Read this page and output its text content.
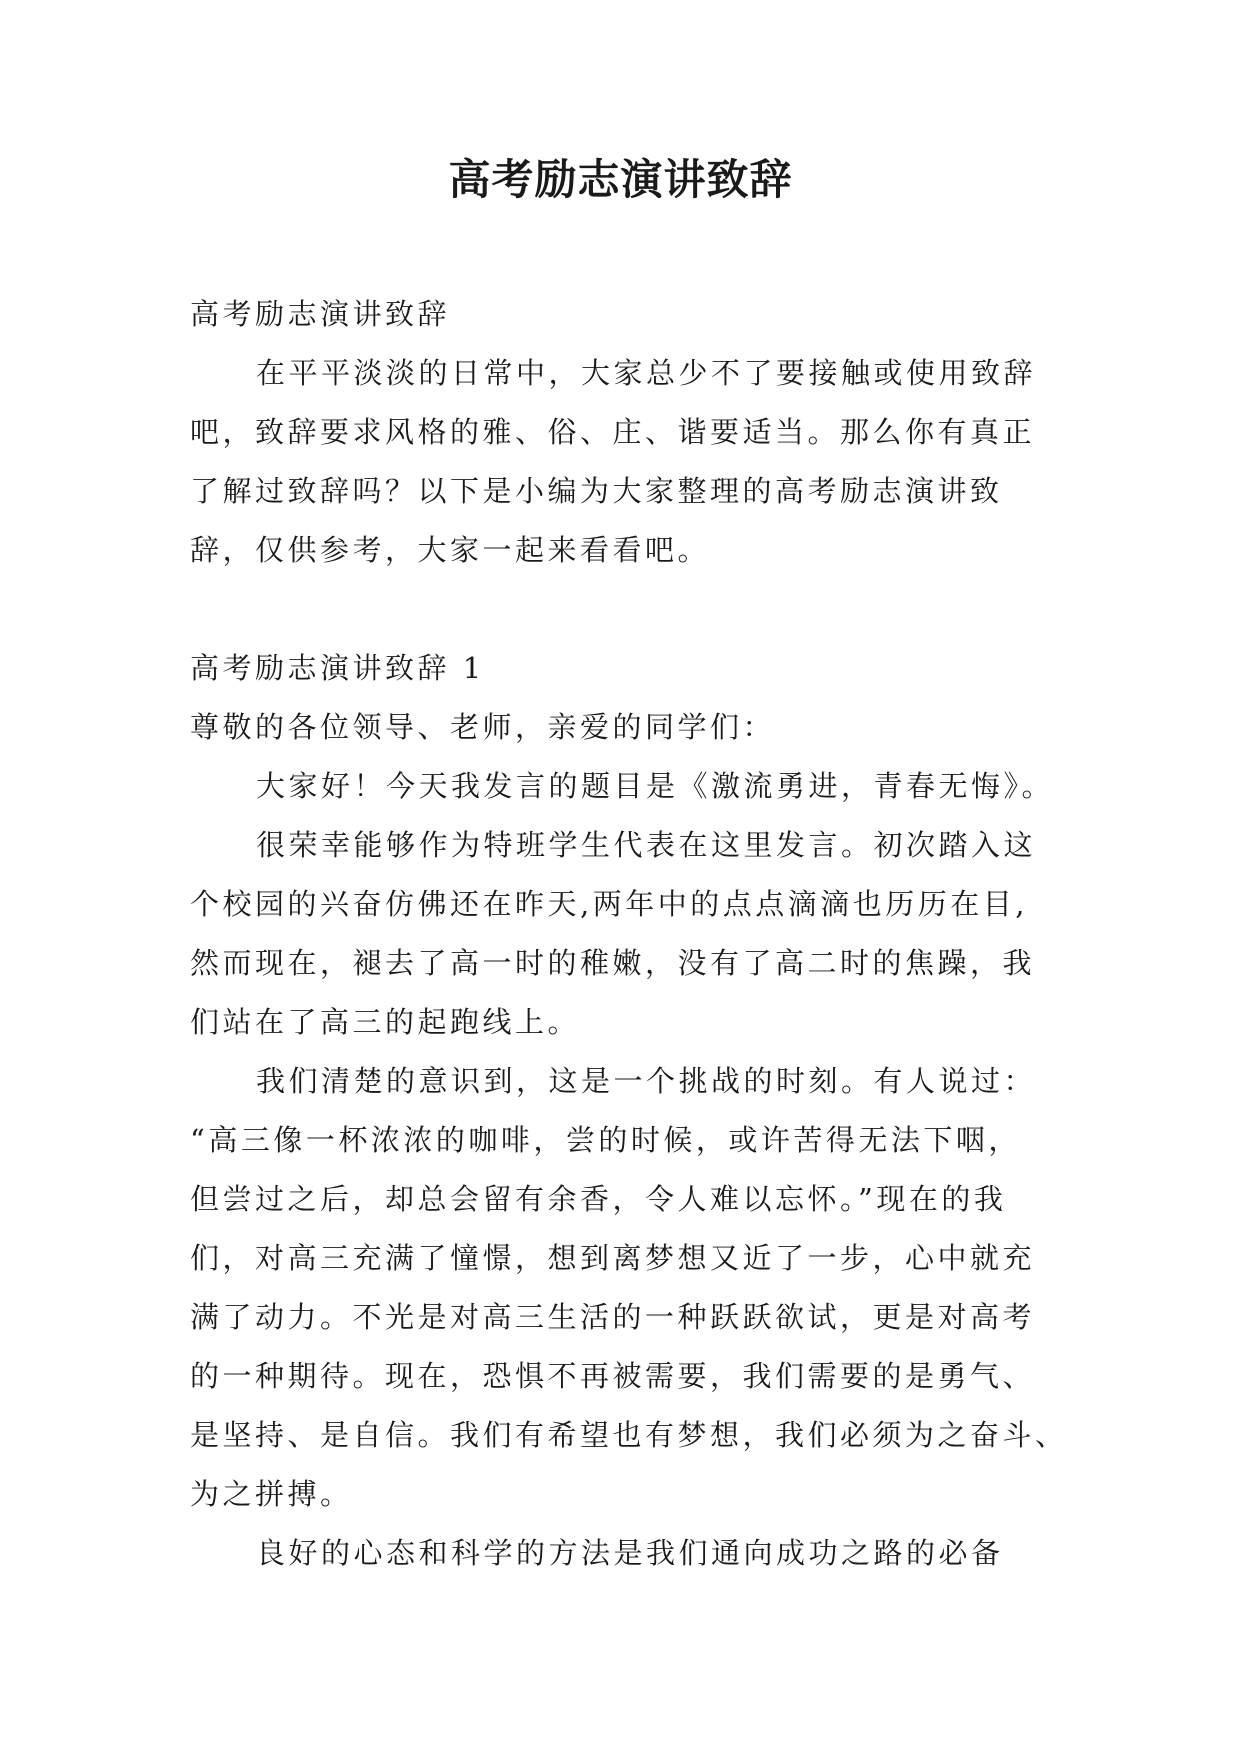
高考励志演讲致辞
高考励志演讲致辞
在平平淡淡的日常中，大家总少不了要接触或使用致辞
吧，致辞要求风格的雅、俗、庄、谐要适当。那么你有真正
了解过致辞吗？以下是小编为大家整理的高考励志演讲致
辞，仅供参考，大家一起来看看吧。
高考励志演讲致辞 1
尊敬的各位领导、老师，亲爱的同学们：
大家好！今天我发言的题目是《激流勇进，青春无悔》。
很荣幸能够作为特班学生代表在这里发言。初次踏入这
个校园的兴奋仿佛还在昨天,两年中的点点滴滴也历历在目,
然而现在，褪去了高一时的稚嫩，没有了高二时的焦躁，我
们站在了高三的起跑线上。
我们清楚的意识到，这是一个挑战的时刻。有人说过：
“高三像一杯浓浓的咖啡，尝的时候，或许苦得无法下咽，
但尝过之后，却总会留有余香，令人难以忘怀。”现在的我
们，对高三充满了憧憬，想到离梦想又近了一步，心中就充
满了动力。不光是对高三生活的一种跃跃欲试，更是对高考
的一种期待。现在，恐惧不再被需要，我们需要的是勇气、
是坚持、是自信。我们有希望也有梦想，我们必须为之奋斗、
为之拼搏。
良好的心态和科学的方法是我们通向成功之路的必备
